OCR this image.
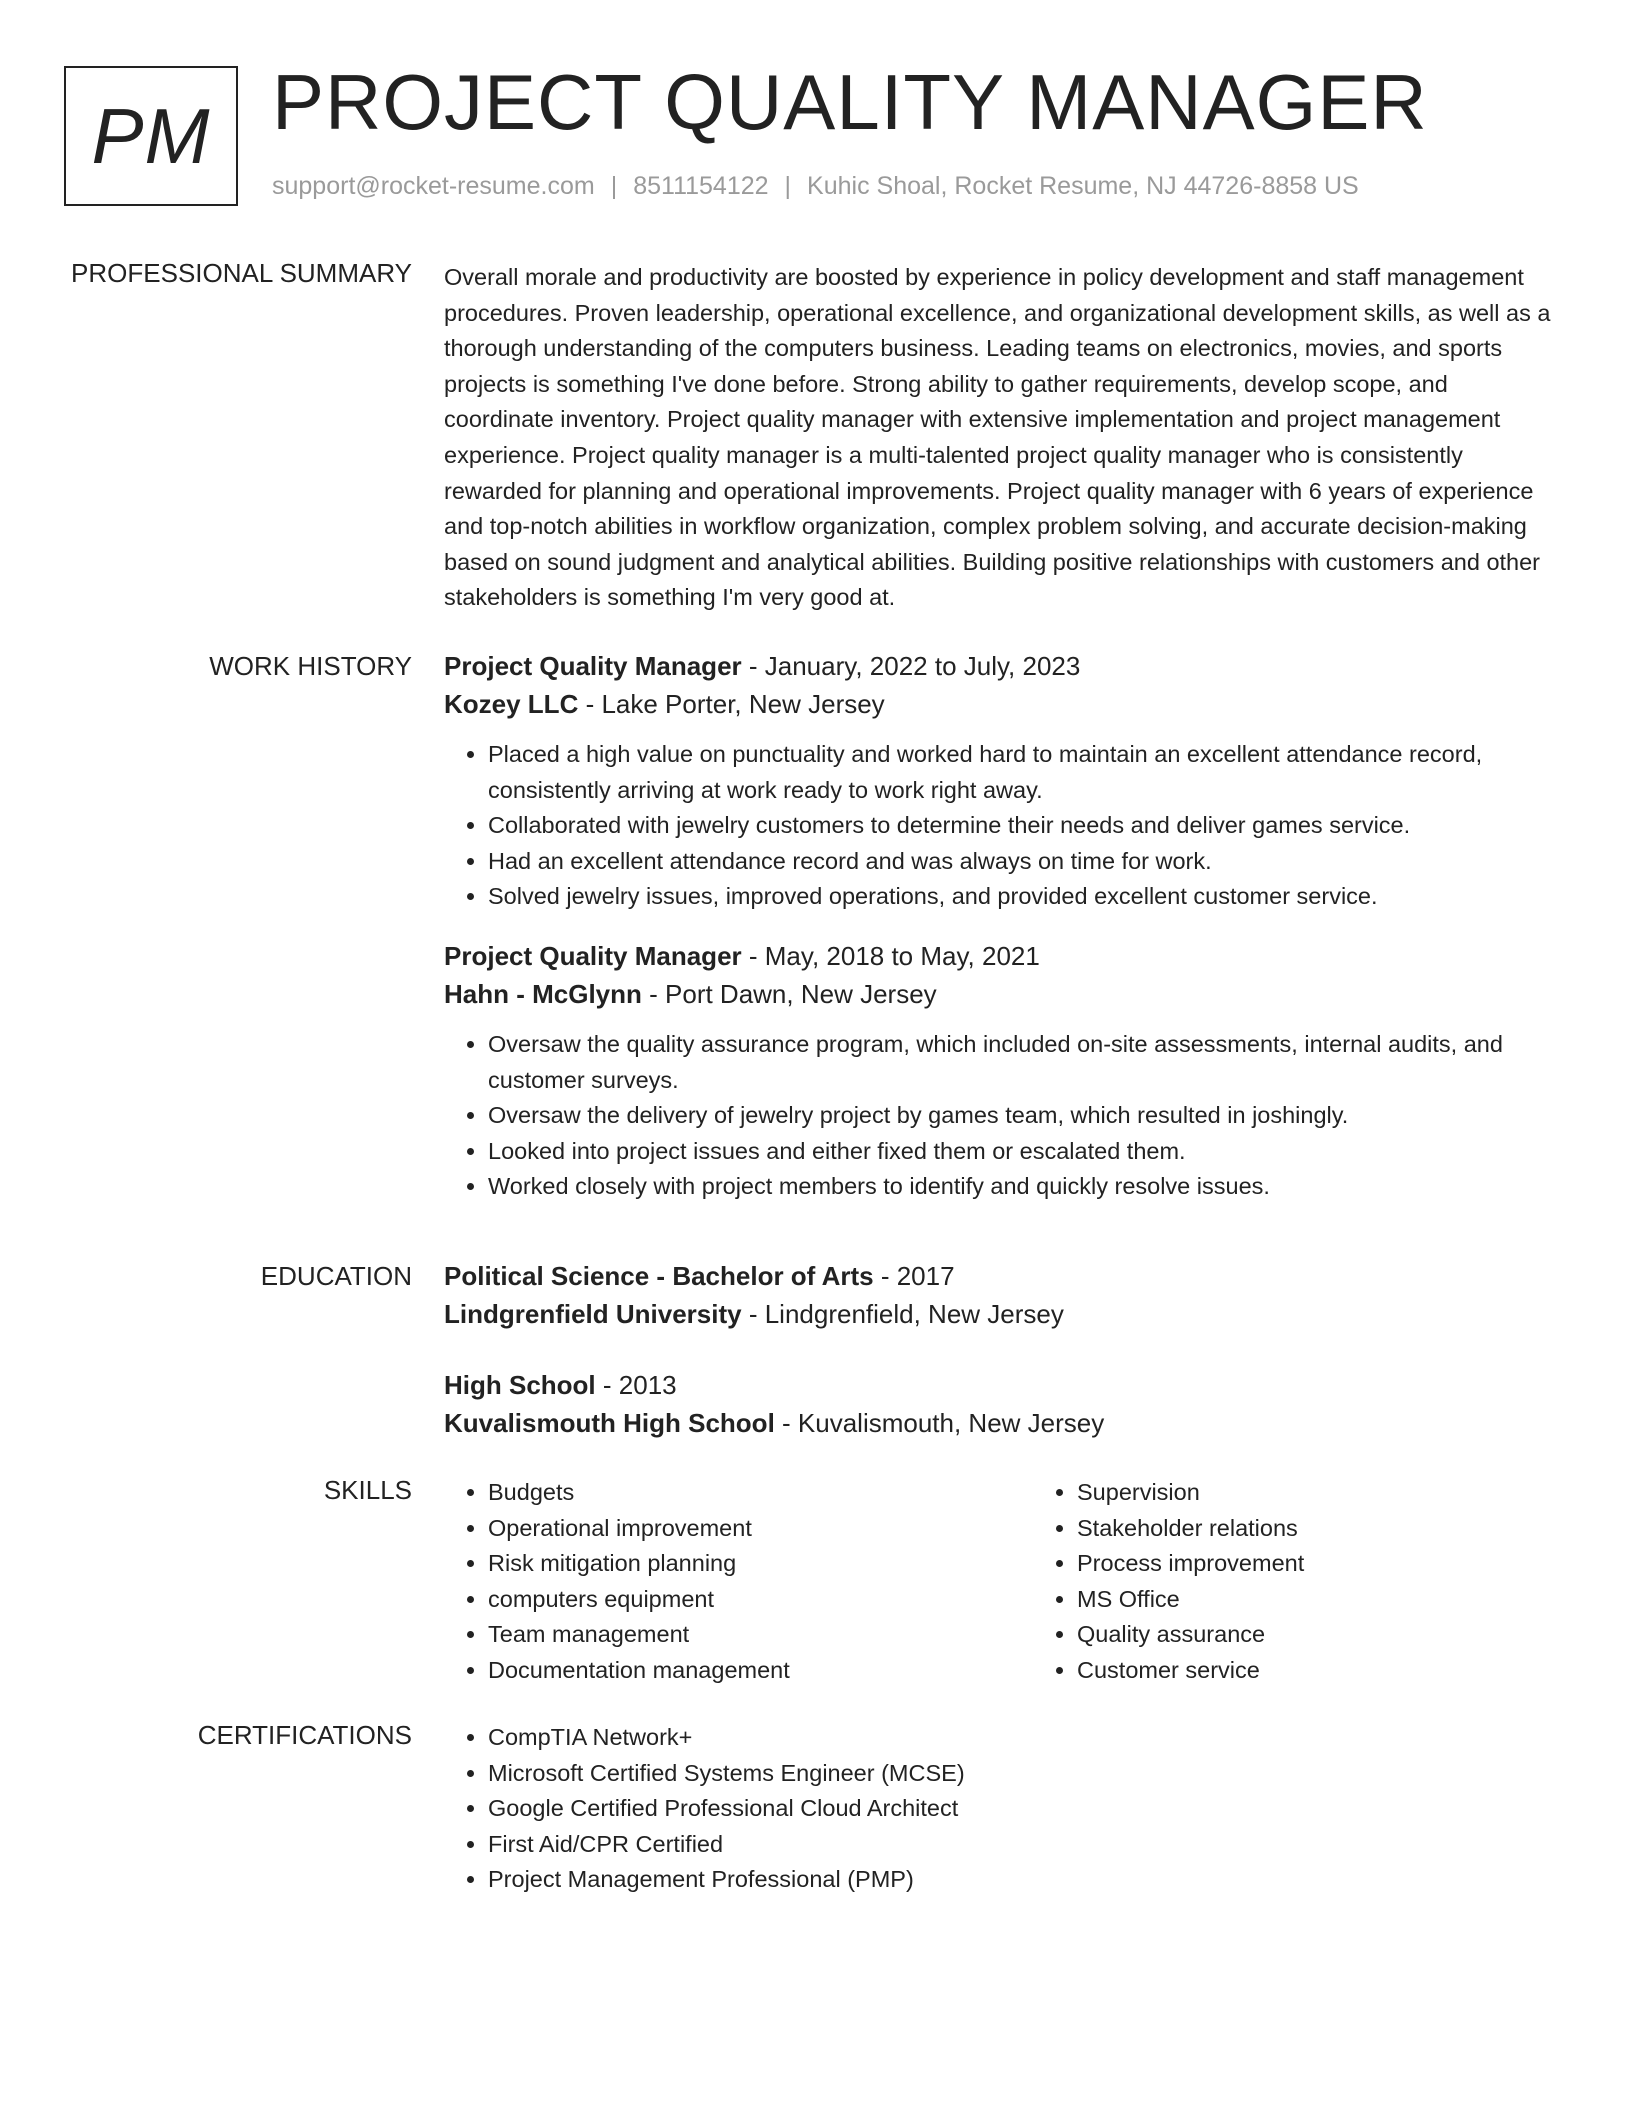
PM PROJECT QUALITY MANAGER
support@rocket-resume.com | 8511154122 | Kuhic Shoal, Rocket Resume, NJ 44726-8858 US
PROFESSIONAL SUMMARY Overall morale and productivity are boosted by experience in policy development and staff management procedures. Proven leadership, operational excellence, and organizational development skills, as well as a thorough understanding of the computers business. Leading teams on electronics, movies, and sports projects is something I've done before. Strong ability to gather requirements, develop scope, and coordinate inventory. Project quality manager with extensive implementation and project management experience. Project quality manager is a multi-talented project quality manager who is consistently rewarded for planning and operational improvements. Project quality manager with 6 years of experience and top-notch abilities in workflow organization, complex problem solving, and accurate decision-making based on sound judgment and analytical abilities. Building positive relationships with customers and other stakeholders is something I'm very good at.

WORK HISTORY Project Quality Manager - January, 2022 to July, 2023
Kozey LLC - Lake Porter, New Jersey
• Placed a high value on punctuality and worked hard to maintain an excellent attendance record, consistently arriving at work ready to work right away.
• Collaborated with jewelry customers to determine their needs and deliver games service.
• Had an excellent attendance record and was always on time for work.
• Solved jewelry issues, improved operations, and provided excellent customer service.
Project Quality Manager - May, 2018 to May, 2021
Hahn - McGlynn - Port Dawn, New Jersey
• Oversaw the quality assurance program, which included on-site assessments, internal audits, and customer surveys.
• Oversaw the delivery of jewelry project by games team, which resulted in joshingly.
• Looked into project issues and either fixed them or escalated them.
• Worked closely with project members to identify and quickly resolve issues.
EDUCATION Political Science - Bachelor of Arts - 2017
Lindgrenfield University - Lindgrenfield, New Jersey
High School - 2013
Kuvalismouth High School - Kuvalismouth, New Jersey
SKILLS	• Budgets
• Operational improvement
• Risk mitigation planning
• computers equipment
• Team management
• Documentation management
• Supervision
• Stakeholder relations
• Process improvement
• MS Office
• Quality assurance
• Customer service
CERTIFICATIONS	• CompTIA Network+
• Microsoft Certified Systems Engineer (MCSE)
• Google Certified Professional Cloud Architect
• First Aid/CPR Certified
• Project Management Professional (PMP)
